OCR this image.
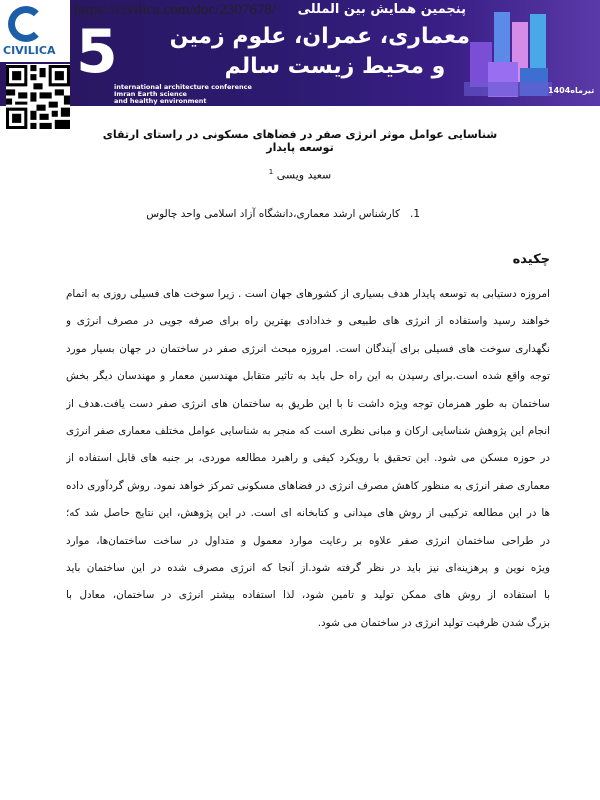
CIVILICA 5
international architecture conference
Imran Earth science
and healthy environment
پنجمین همایش بین المللی
معماری، عمران، علوم زمین
و محیط زیست سالم
تیرماه1404
https://civilica.com/doc/2307678/
شناسایی عوامل موثر انرژی صفر در فضاهای مسکونی در راستای ارتقای توسعه پایدار
سعید ویسی $^1$
1.   کارشناس ارشد معماری،دانشگاه آزاد اسلامی واحد چالوس
چکیده
امروزه دستیابی به توسعه پایدار هدف بسیاری از کشورهای جهان است . زیرا سوخت های فسیلی روزی به اتمام
خواهند رسید واستفاده از انرژی های طبیعی و خدادادی بهترین راه برای صرفه جویی در مصرف انرژی و
نگهداری سوخت های فسیلی برای آیندگان است. امروزه مبحث انرژی صفر در ساختمان در جهان بسیار مورد
توجه واقع شده است.برای رسیدن به این راه حل باید به تاثیر متقابل مهندسین معمار و مهندسان دیگر بخش
ساختمان به طور همزمان توجه ویژه داشت تا با این طریق به ساختمان های انرژی صفر دست یافت.هدف از
انجام این پژوهش شناسایی ارکان و مبانی نظری است که منجر به شناسایی عوامل مختلف معماری صفر انرژی
در حوزه مسکن می شود. این تحقیق با رویکرد کیفی و راهبرد مطالعه موردی، بر جنبه های قابل استفاده از
معماری صفر انرژی به منظور کاهش مصرف انرژی در فضاهای مسکونی تمرکز خواهد نمود. روش گردآوری داده
ها در این مطالعه ترکیبی از روش های میدانی و کتابخانه ای است. در این پژوهش، این نتایج حاصل شد که؛
در طراحی ساختمان انرژی صفر علاوه بر رعایت موارد معمول و متداول در ساخت ساختمان‌ها، موارد
ویژه نوین و پرهزینه‌ای نیز باید در نظر گرفته شود.از آنجا که انرژی مصرف شده در این ساختمان باید
با استفاده از روش های ممکن تولید و تامین شود، لذا استفاده بیشتر انرژی در ساختمان، معادل با
بزرگ شدن ظرفیت تولید انرژی در ساختمان می شود.
